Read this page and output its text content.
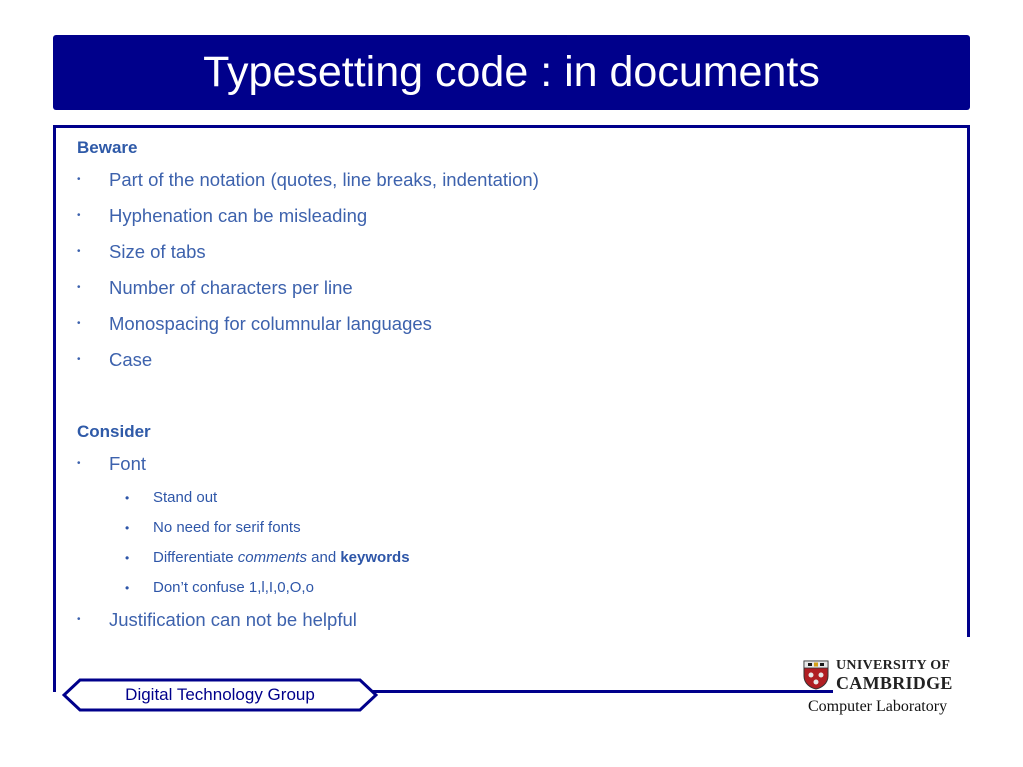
Typesetting code : in documents
Beware
• Part of the notation (quotes, line breaks, indentation)
• Hyphenation can be misleading
• Size of tabs
• Number of characters per line
• Monospacing for columnular languages
• Case
Consider
• Font
• Stand out
• No need for serif fonts
• Differentiate comments and keywords
• Don’t confuse 1,l,I,0,O,o
• Justification can not be helpful
Digital Technology Group
UNIVERSITY OF
CAMBRIDGE
Computer Laboratory
